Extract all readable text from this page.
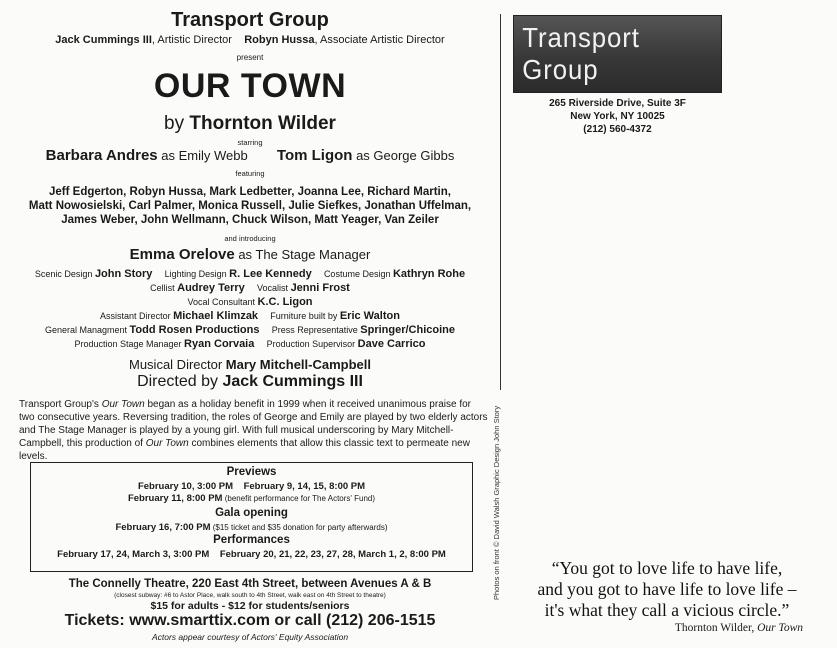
Transport Group
Jack Cummings III, Artistic Director Robyn Hussa, Associate Artistic Director
present
OUR TOWN
by Thornton Wilder
starring
Barbara Andres as Emily Webb Tom Ligon as George Gibbs
featuring
Jeff Edgerton, Robyn Hussa, Mark Ledbetter, Joanna Lee, Richard Martin,
Matt Nowosielski, Carl Palmer, Monica Russell, Julie Siefkes, Jonathan Uffelman,
James Weber, John Wellmann, Chuck Wilson, Matt Yeager, Van Zeiler
and introducing
Emma Orelove as The Stage Manager
Scenic Design John Story Lighting Design R. Lee Kennedy Costume Design Kathryn Rohe
Cellist Audrey Terry Vocalist Jenni Frost
Vocal Consultant K.C. Ligon
Assistant Director Michael Klimzak Furniture built by Eric Walton
General Managment Todd Rosen Productions Press Representative Springer/Chicoine
Production Stage Manager Ryan Corvaia Production Supervisor Dave Carrico
Musical Director Mary Mitchell-Campbell
Directed by Jack Cummings III
Transport Group's Our Town began as a holiday benefit in 1999 when it received unanimous praise for two consecutive years. Reversing tradition, the roles of George and Emily are played by two elderly actors and The Stage Manager is played by a young girl. With full musical underscoring by Mary Mitchell-Campbell, this production of Our Town combines elements that allow this classic text to permeate new levels.
Previews
February 10, 3:00 PM February 9, 14, 15, 8:00 PM
February 11, 8:00 PM (benefit performance for The Actors' Fund)
Gala opening
February 16, 7:00 PM ($15 ticket and $35 donation for party afterwards)
Performances
February 17, 24, March 3, 3:00 PM February 20, 21, 22, 23, 27, 28, March 1, 2, 8:00 PM
The Connelly Theatre, 220 East 4th Street, between Avenues A & B
(closest subway: #6 to Astor Place, walk south to 4th Street, walk east on 4th Street to theatre)
$15 for adults - $12 for students/seniors
Tickets: www.smarttix.com or call (212) 206-1515
Actors appear courtesy of Actors' Equity Association
Transport Group
265 Riverside Drive, Suite 3F
New York, NY 10025
(212) 560-4372
Photos on front © David Walsh Graphic Design John Story	“You got to love life to have life,
and you got to have life to love life –
it's what they call a vicious circle.”
Thornton Wilder, Our Town
